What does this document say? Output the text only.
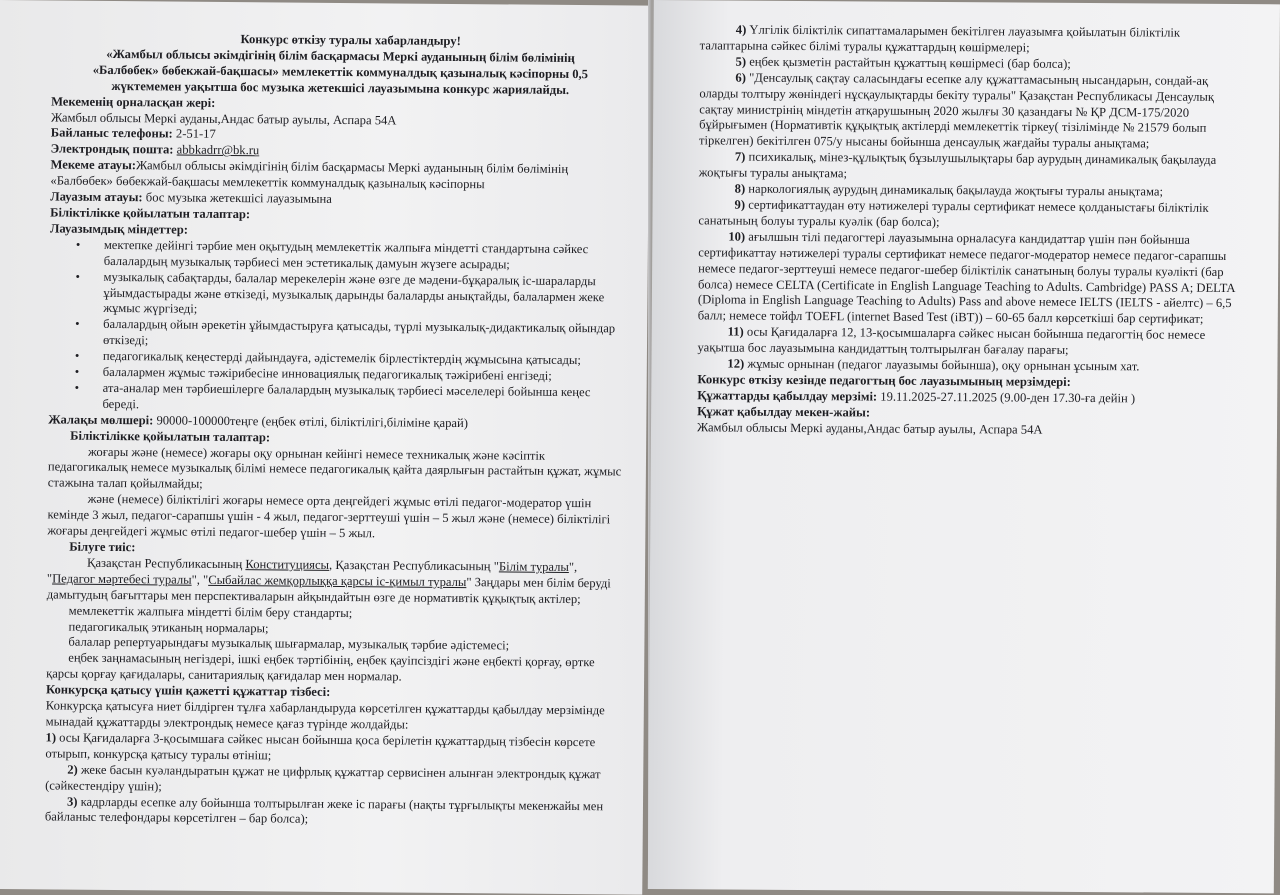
Конкурс өткізу туралы хабарландыру!

«Жамбыл облысы әкімдігінің білім басқармасы Меркі ауданының білім бөлімінің

«Балбөбек» бөбекжай-бақшасы» мемлекеттік коммуналдық қазыналық кәсіпорны 0,5

жүктемемен уақытша бос музыка жетекшісі лауазымына конкурс жариялайды.

Мекеменің орналасқан жері:

Жамбыл облысы Меркі ауданы,Андас батыр ауылы, Аспара 54А

Байланыс телефоны: 2-51-17

Электрондық пошта: abbkadrr@bk.ru

Мекеме атауы:Жамбыл облысы әкімдігінің білім басқармасы Меркі ауданының білім бөлімінің «Балбөбек» бөбекжай-бақшасы мемлекеттік коммуналдық қазыналық кәсіпорны

Лауазым атауы: бос музыка жетекшісі лауазымына

Біліктілікке қойылатын талаптар:

Лауазымдық міндеттер:

• мектепке дейінгі тәрбие мен оқытудың мемлекеттік жалпыға міндетті стандартына сәйкес балалардың музыкалық тәрбиесі мен эстетикалық дамуын жүзеге асырады;
• музыкалық сабақтарды, балалар мерекелерін және өзге де мәдени-бұқаралық іс-шараларды ұйымдастырады және өткізеді, музыкалық дарынды балаларды анықтайды, балалармен жеке жұмыс жүргізеді;
• балалардың ойын әрекетін ұйымдастыруға қатысады, түрлі музыкалық-дидактикалық ойындар өткізеді;
• педагогикалық кеңестерді дайындауға, әдістемелік бірлестіктердің жұмысына қатысады;
• балалармен жұмыс тәжірибесіне инновациялық педагогикалық тәжірибені енгізеді;
• ата-аналар мен тәрбиешілерге балалардың музыкалық тәрбиесі мәселелері бойынша кеңес береді.

Жалақы мөлшері: 90000-100000теңге (еңбек өтілі, біліктілігі,біліміне қарай)

Біліктілікке қойылатын талаптар:

жоғары және (немесе) жоғары оқу орнынан кейінгі немесе техникалық және кәсіптік педагогикалық немесе музыкалық білімі немесе педагогикалық қайта даярлығын растайтын құжат, жұмыс стажына талап қойылмайды;

және (немесе) біліктілігі жоғары немесе орта деңгейдегі жұмыс өтілі педагог-модератор үшін кемінде 3 жыл, педагог-сарапшы үшін - 4 жыл, педагог-зерттеуші үшін – 5 жыл және (немесе) біліктілігі жоғары деңгейдегі жұмыс өтілі педагог-шебер үшін – 5 жыл.

Білуге тиіс:

Қазақстан Республикасының Конституциясы, Қазақстан Республикасының "Білім туралы", "Педагог мәртебесі туралы", "Сыбайлас жемқорлыққа қарсы іс-қимыл туралы" Заңдары мен білім беруді дамытудың бағыттары мен перспективаларын айқындайтын өзге де нормативтік құқықтық актілер;

мемлекеттік жалпыға міндетті білім беру стандарты;

педагогикалық этиканың нормалары;

балалар репертуарындағы музыкалық шығармалар, музыкалық тәрбие әдістемесі;

еңбек заңнамасының негіздері, ішкі еңбек тәртібінің, еңбек қауіпсіздігі және еңбекті қорғау, өртке қарсы қорғау қағидалары, санитариялық қағидалар мен нормалар.

Конкурсқа қатысу үшін қажетті құжаттар тізбесі:

Конкурсқа қатысуға ниет білдірген тұлға хабарландыруда көрсетілген құжаттарды қабылдау мерзімінде мынадай құжаттарды электрондық немесе қағаз түрінде жолдайды:

1) осы Қағидаларға 3-қосымшаға сәйкес нысан бойынша қоса берілетін құжаттардың тізбесін көрсете отырып, конкурсқа қатысу туралы өтініш;

2) жеке басын куәландыратын құжат не цифрлық құжаттар сервисінен алынған электрондық құжат (сәйкестендіру үшін);

3) кадрларды есепке алу бойынша толтырылған жеке іс парағы (нақты тұрғылықты мекенжайы мен байланыс телефондары көрсетілген – бар болса);

4) Үлгілік біліктілік сипаттамаларымен бекітілген лауазымға қойылатын біліктілік талаптарына сәйкес білімі туралы құжаттардың көшірмелері;

5) еңбек қызметін растайтын құжаттың көшірмесі (бар болса);

6) "Денсаулық сақтау саласындағы есепке алу құжаттамасының нысандарын, сондай-ақ оларды толтыру жөніндегі нұсқаулықтарды бекіту туралы" Қазақстан Республикасы Денсаулық сақтау министрінің міндетін атқарушының 2020 жылғы 30 қазандағы № ҚР ДСМ-175/2020 бұйрығымен (Нормативтік құқықтық актілерді мемлекеттік тіркеу( тізілімінде № 21579 болып тіркелген) бекітілген 075/у нысаны бойынша денсаулық жағдайы туралы анықтама;

7) психикалық, мінез-құлықтық бұзылушылықтары бар аурудың динамикалық бақылауда жоқтығы туралы анықтама;

8) наркологиялық аурудың динамикалық бақылауда жоқтығы туралы анықтама;

9) сертификаттаудан өту нәтижелері туралы сертификат немесе қолданыстағы біліктілік санатының болуы туралы куәлік (бар болса);

10) ағылшын тілі педагогтері лауазымына орналасуға кандидаттар үшін пән бойынша сертификаттау нәтижелері туралы сертификат немесе педагог-модератор немесе педагог-сарапшы немесе педагог-зерттеуші немесе педагог-шебер біліктілік санатының болуы туралы куәлікті (бар болса) немесе CELTA (Certificate in English Language Teaching to Adults. Cambridge) PASS A; DELTA (Diploma in English Language Teaching to Adults) Pass and above немесе IELTS (IELTS - айелтс) – 6,5 балл; немесе тойфл TOEFL (internet Based Test (iBT)) – 60-65 балл көрсеткіші бар сертификат;

11) осы Қағидаларға 12, 13-қосымшаларға сәйкес нысан бойынша педагогтің бос немесе уақытша бос лауазымына кандидаттың толтырылған бағалау парағы;

12) жұмыс орнынан (педагог лауазымы бойынша), оқу орнынан ұсыным хат.

Конкурс өткізу кезінде педагогтың бос лауазымының мерзімдері:

Құжаттарды қабылдау мерзімі: 19.11.2025-27.11.2025 (9.00-ден 17.30-ға дейін )

Құжат қабылдау мекен-жайы:

Жамбыл облысы Меркі ауданы,Андас батыр ауылы, Аспара 54А
